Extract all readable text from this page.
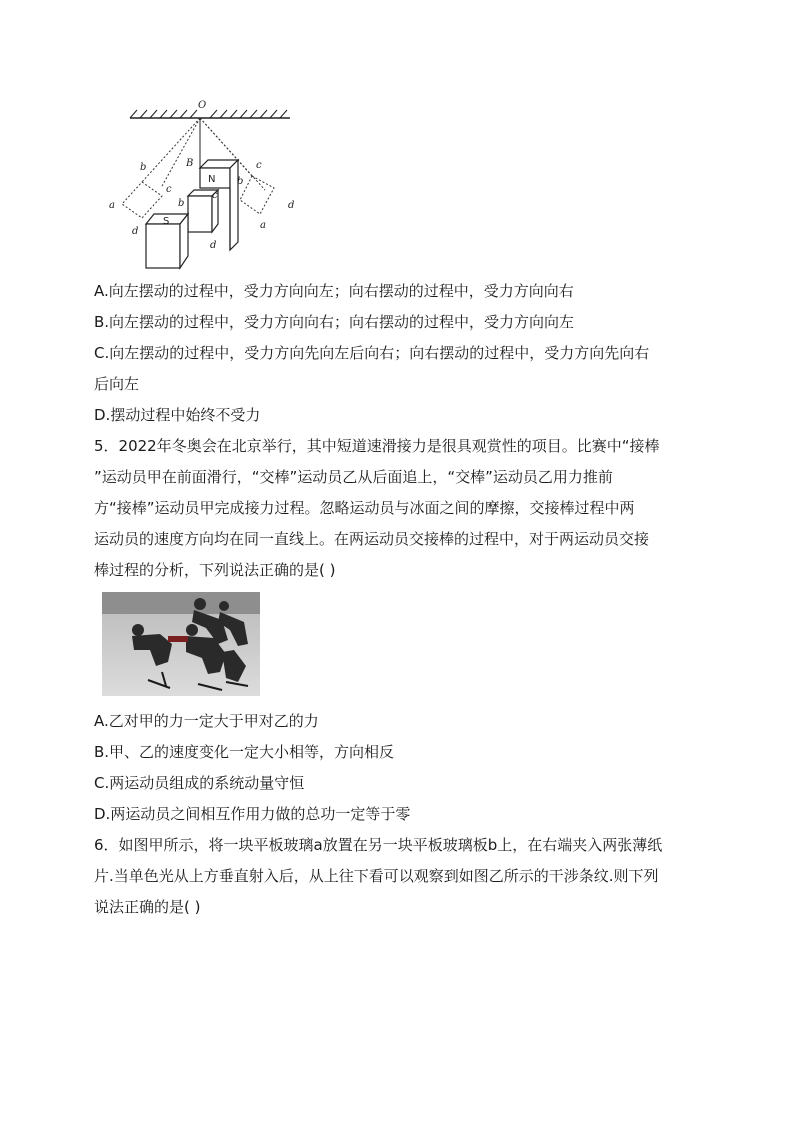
O
B
N
S
a
b
c
d
b
c
d
b
c
d
a
A.向左摆动的过程中，受力方向向左；向右摆动的过程中，受力方向向右
B.向左摆动的过程中，受力方向向右；向右摆动的过程中，受力方向向左
C.向左摆动的过程中，受力方向先向左后向右；向右摆动的过程中，受力方向先向右
后向左
D.摆动过程中始终不受力
5．2022年冬奥会在北京举行，其中短道速滑接力是很具观赏性的项目。比赛中“接棒
”运动员甲在前面滑行，“交棒”运动员乙从后面追上，“交棒”运动员乙用力推前
方“接棒”运动员甲完成接力过程。忽略运动员与冰面之间的摩擦，交接棒过程中两
运动员的速度方向均在同一直线上。在两运动员交接棒的过程中，对于两运动员交接
棒过程的分析，下列说法正确的是( )
A.乙对甲的力一定大于甲对乙的力
B.甲、乙的速度变化一定大小相等，方向相反
C.两运动员组成的系统动量守恒
D.两运动员之间相互作用力做的总功一定等于零
6．如图甲所示，将一块平板玻璃a放置在另一块平板玻璃板b上，在右端夹入两张薄纸
片.当单色光从上方垂直射入后，从上往下看可以观察到如图乙所示的干涉条纹.则下列
说法正确的是( )
